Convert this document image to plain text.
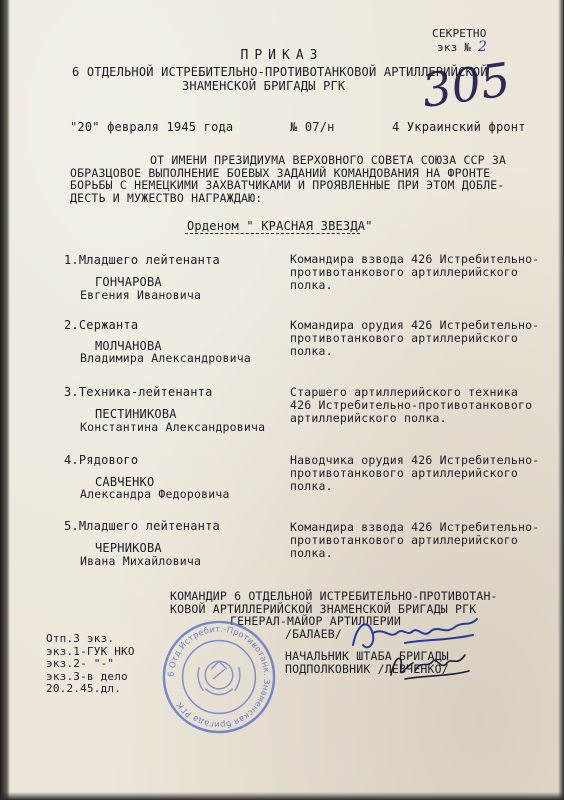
СЕКРЕТНО
экз № 2
305
ПРИКАЗ
6 ОТДЕЛЬНОЙ ИСТРЕБИТЕЛЬНО-ПРОТИВОТАНКОВОЙ АРТИЛЛЕРИЙСКОЙ
ЗНАМЕНСКОЙ БРИГАДЫ РГК
"20" февраля 1945 года	№ 07/н	4 Украинский фронт
ОТ ИМЕНИ ПРЕЗИДИУМА ВЕРХОВНОГО СОВЕТА СОЮЗА ССР ЗА
ОБРАЗЦОВОЕ ВЫПОЛНЕНИЕ БОЕВЫХ ЗАДАНИЙ КОМАНДОВАНИЯ НА ФРОНТЕ
БОРЬБЫ С НЕМЕЦКИМИ ЗАХВАТЧИКАМИ И ПРОЯВЛЕННЫЕ ПРИ ЭТОМ ДОБЛЕ-
ДЕСТЬ И МУЖЕСТВО НАГРАЖДАЮ:
Орденом " КРАСНАЯ ЗВЕЗДА"
1.Младшего лейтенанта
ГОНЧАРОВА
Евгения Ивановича
Командира взвода 426 Истребительно-
противотанкового артиллерийского
полка.
2.Сержанта
МОЛЧАНОВА
Владимира Александровича
Командира орудия 426 Истребительно-
противотанкового артиллерийского
полка.
3.Техника-лейтенанта
ПЕСТИНИКОВА
Константина Александровича
Старшего артиллерийского техника
426 Истребительно-противотанкового
артиллерийского полка.
4.Рядового
САВЧЕНКО
Александра Федоровича
Наводчика орудия 426 Истребительно-
противотанкового артиллерийского
полка.
5.Младшего лейтенанта
ЧЕРНИКОВА
Ивана Михайловича
Командира взвода 426 Истребительно-
противотанкового артиллерийского
полка.
КОМАНДИР 6 ОТДЕЛЬНОЙ ИСТРЕБИТЕЛЬНО-ПРОТИВОТАН-
КОВОЙ АРТИЛЛЕРИЙСКОЙ ЗНАМЕНСКОЙ БРИГАДЫ РГК
ГЕНЕРАЛ-МАЙОР АРТИЛЛЕРИИ
/БАЛАЕВ/
НАЧАЛЬНИК ШТАБА БРИГАДЫ
ПОДПОЛКОВНИК /ЛЕВЧЕНКО/
Отп.3 экз.
экз.1-ГУК НКО
экз.2- "-"
экз.3-в дело
20.2.45.дл.
6 Отд.Истребит.-Противотанк. Знаменская бригада РГК
